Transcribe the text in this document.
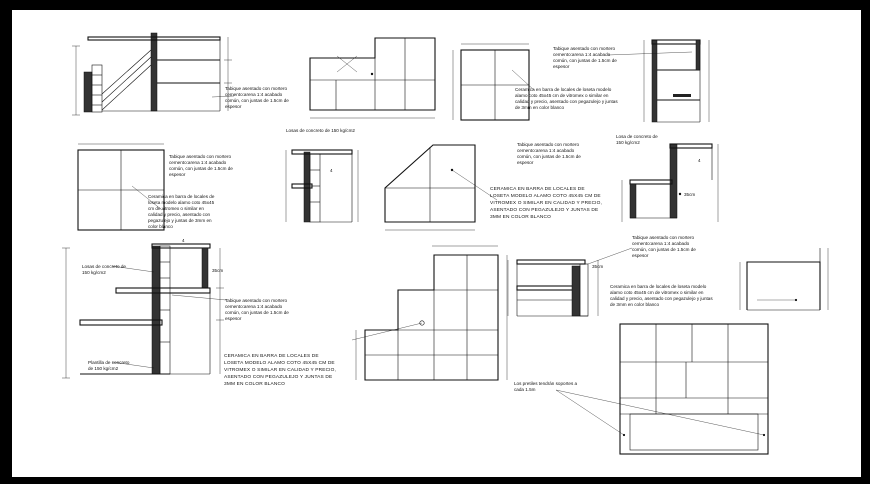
Tabique asentado con mortero
cemento:arena 1:4 acabado
común, con juntas de 1.5cm de
espesor
Losas de concreto de 150 kg/cm2
Ceramica en barra de locales de loseta modelo
alamo coto 45x45 cm de vitromex o similar en
calidad y precio, asentado con pegazulejo y juntas
de 3mm en color blanco
Tabique asentado con mortero
cemento:arena 1:4 acabado
común, con juntas de 1.5cm de
espesor
Ceramica en barra de locales de
loseta modelo alamo coto 45x45
cm de vitromex o similar en
calidad y precio, asentado con
pegazulejo y juntas de 3mm en
color blanco
Tabique asentado con mortero
cemento:arena 1:4 acabado
común, con juntas de 1.5cm de
espesor
4
CERAMICA EN BARRA DE LOCALES DE
LOSETA MODELO ALAMO COTO 45X45 CM DE
VITROMEX O SIMILAR EN CALIDAD Y PRECIO,
ASENTADO CON PEGAZULEJO Y JUNTAS DE
3MM EN COLOR BLANCO
35cm
4
Tabique asentado con mortero
cemento:arena 1:4 acabado
común, con juntas de 1.5cm de
espesor
Losa de concreto de
150 kg/cm2
35cm
4
Losas de concreto de
150 kg/cm2
Plantilla de concreto
de 150 kg/cm2
Tabique asentado con mortero
cemento:arena 1:4 acabado
común, con juntas de 1.5cm de
espesor
CERAMICA EN BARRA DE LOCALES DE
LOSETA MODELO ALAMO COTO 45X45 CM DE
VITROMEX O SIMILAR EN CALIDAD Y PRECIO,
ASENTADO CON PEGAZULEJO Y JUNTAS DE
3MM EN COLOR BLANCO
35cm
Tabique asentado con mortero
cemento:arena 1:4 acabado
común, con juntas de 1.5cm de
espesor
Ceramica en barra de locales de loseta modelo
alamo coto 45x45 cm de vitromex o similar en
calidad y precio, asentado con pegazulejo y juntas
de 3mm en color blanco
Los pretiles tendrán soportes a
cada 1.5m
